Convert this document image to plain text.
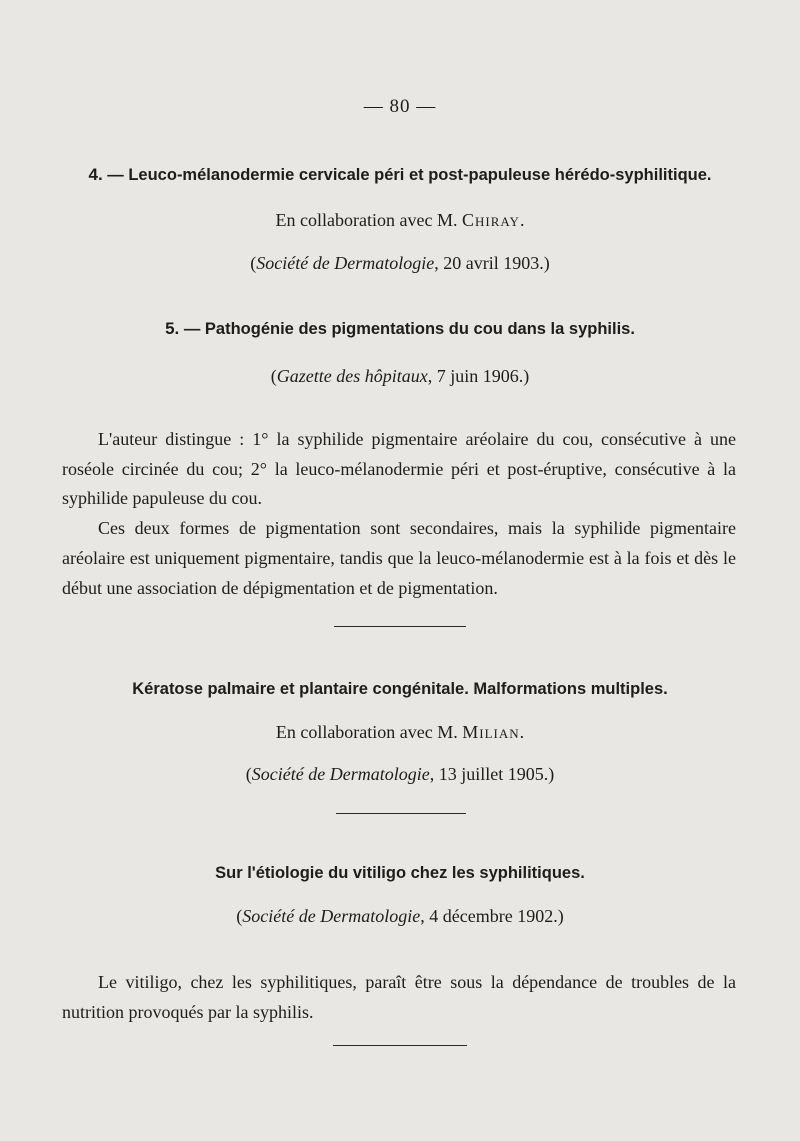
— 80 —
4. — Leuco-mélanodermie cervicale péri et post-papuleuse hérédo-syphilitique.
En collaboration avec M. Chiray.
(Société de Dermatologie, 20 avril 1903.)
5. — Pathogénie des pigmentations du cou dans la syphilis.
(Gazette des hôpitaux, 7 juin 1906.)

L'auteur distingue : 1° la syphilide pigmentaire aréolaire du cou, consécutive à une roséole circinée du cou; 2° la leuco-mélanodermie péri et post-éruptive, consécutive à la syphilide papuleuse du cou.

Ces deux formes de pigmentation sont secondaires, mais la syphilide pigmentaire aréolaire est uniquement pigmentaire, tandis que la leuco-mélanodermie est à la fois et dès le début une association de dépigmentation et de pigmentation.

Kératose palmaire et plantaire congénitale. Malformations multiples.
En collaboration avec M. Milian.
(Société de Dermatologie, 13 juillet 1905.)
Sur l'étiologie du vitiligo chez les syphilitiques.
(Société de Dermatologie, 4 décembre 1902.)

Le vitiligo, chez les syphilitiques, paraît être sous la dépendance de troubles de la nutrition provoqués par la syphilis.
